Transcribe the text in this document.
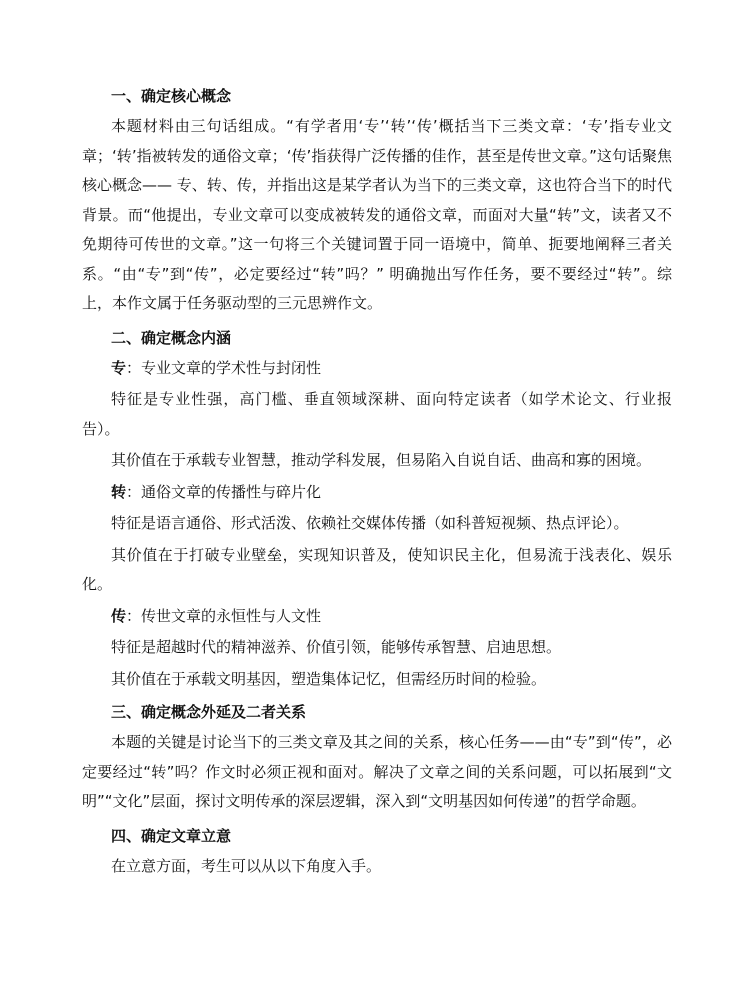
一、确定核心概念

本题材料由三句话组成。“有学者用‘专’‘转’‘传’概括当下三类文章：‘专’指专业文章；‘转’指被转发的通俗文章；‘传’指获得广泛传播的佳作，甚至是传世文章。”这句话聚焦核心概念—— 专、转、传，并指出这是某学者认为当下的三类文章，这也符合当下的时代背景。而“他提出，专业文章可以变成被转发的通俗文章，而面对大量“转”文，读者又不免期待可传世的文章。”这一句将三个关键词置于同一语境中，简单、扼要地阐释三者关系。“由“专”到“传”，必定要经过“转”吗？” 明确抛出写作任务，要不要经过“转”。综上，本作文属于任务驱动型的三元思辨作文。

二、确定概念内涵

专：专业文章的学术性与封闭性

特征是专业性强，高门槛、垂直领域深耕、面向特定读者（如学术论文、行业报告）。

其价值在于承载专业智慧，推动学科发展，但易陷入自说自话、曲高和寡的困境。

转：通俗文章的传播性与碎片化

特征是语言通俗、形式活泼、依赖社交媒体传播（如科普短视频、热点评论）。

其价值在于打破专业壁垒，实现知识普及，使知识民主化，但易流于浅表化、娱乐化。

传：传世文章的永恒性与人文性

特征是超越时代的精神滋养、价值引领，能够传承智慧、启迪思想。

其价值在于承载文明基因，塑造集体记忆，但需经历时间的检验。

三、确定概念外延及二者关系

本题的关键是讨论当下的三类文章及其之间的关系，核心任务——由“专”到“传”，必定要经过“转”吗？作文时必须正视和面对。解决了文章之间的关系问题，可以拓展到“文明”“文化”层面，探讨文明传承的深层逻辑，深入到“文明基因如何传递”的哲学命题。

四、确定文章立意

在立意方面，考生可以从以下角度入手。
